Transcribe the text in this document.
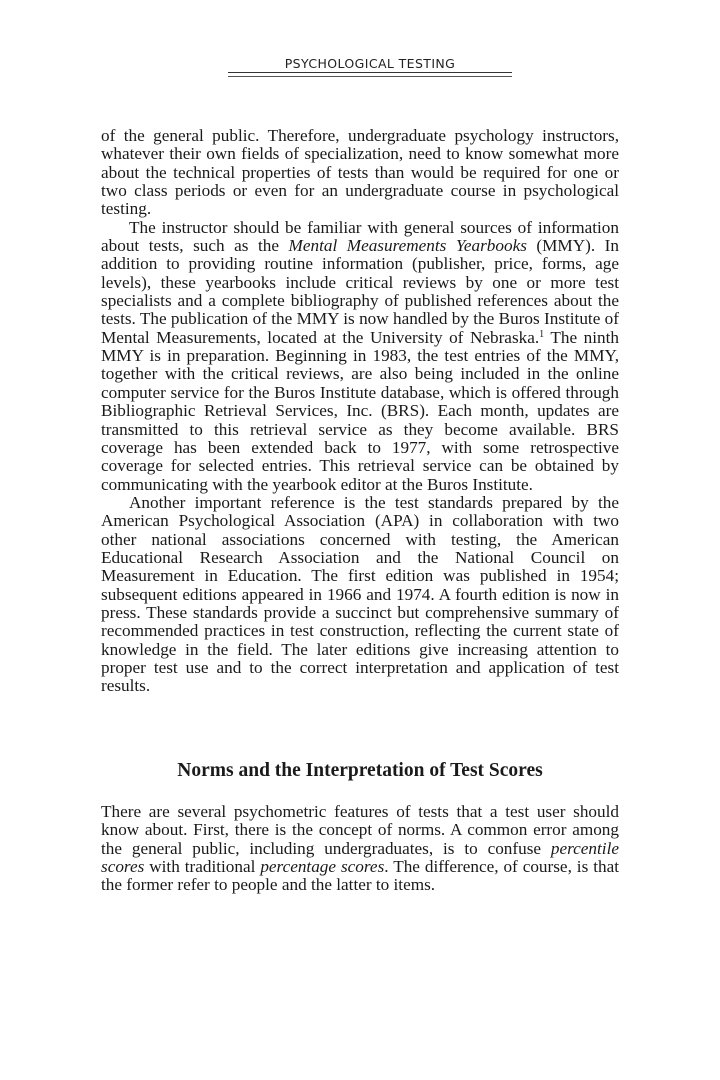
PSYCHOLOGICAL TESTING

of the general public. Therefore, undergraduate psychology instructors, whatever their own fields of specialization, need to know somewhat more about the technical properties of tests than would be required for one or two class periods or even for an undergraduate course in psychological testing.

The instructor should be familiar with general sources of information about tests, such as the Mental Measurements Yearbooks (MMY). In addition to providing routine information (publisher, price, forms, age levels), these yearbooks include critical reviews by one or more test specialists and a complete bibliography of published references about the tests. The publication of the MMY is now handled by the Buros Institute of Mental Measurements, located at the University of Nebraska.$^1$ The ninth MMY is in preparation. Beginning in 1983, the test entries of the MMY, together with the critical reviews, are also being included in the online computer service for the Buros Institute database, which is offered through Bibliographic Retrieval Services, Inc. (BRS). Each month, updates are transmitted to this retrieval service as they become available. BRS coverage has been extended back to 1977, with some retrospective coverage for selected entries. This retrieval service can be obtained by communicating with the yearbook editor at the Buros Institute.

Another important reference is the test standards prepared by the American Psychological Association (APA) in collaboration with two other national associations concerned with testing, the American Educational Research Association and the National Council on Measurement in Education. The first edition was published in 1954; subsequent editions appeared in 1966 and 1974. A fourth edition is now in press. These standards provide a succinct but comprehensive summary of recommended practices in test construction, reflecting the current state of knowledge in the field. The later editions give increasing attention to proper test use and to the correct interpretation and application of test results.

Norms and the Interpretation of Test Scores

There are several psychometric features of tests that a test user should know about. First, there is the concept of norms. A common error among the general public, including undergraduates, is to confuse percentile scores with traditional percentage scores. The difference, of course, is that the former refer to people and the latter to items.
